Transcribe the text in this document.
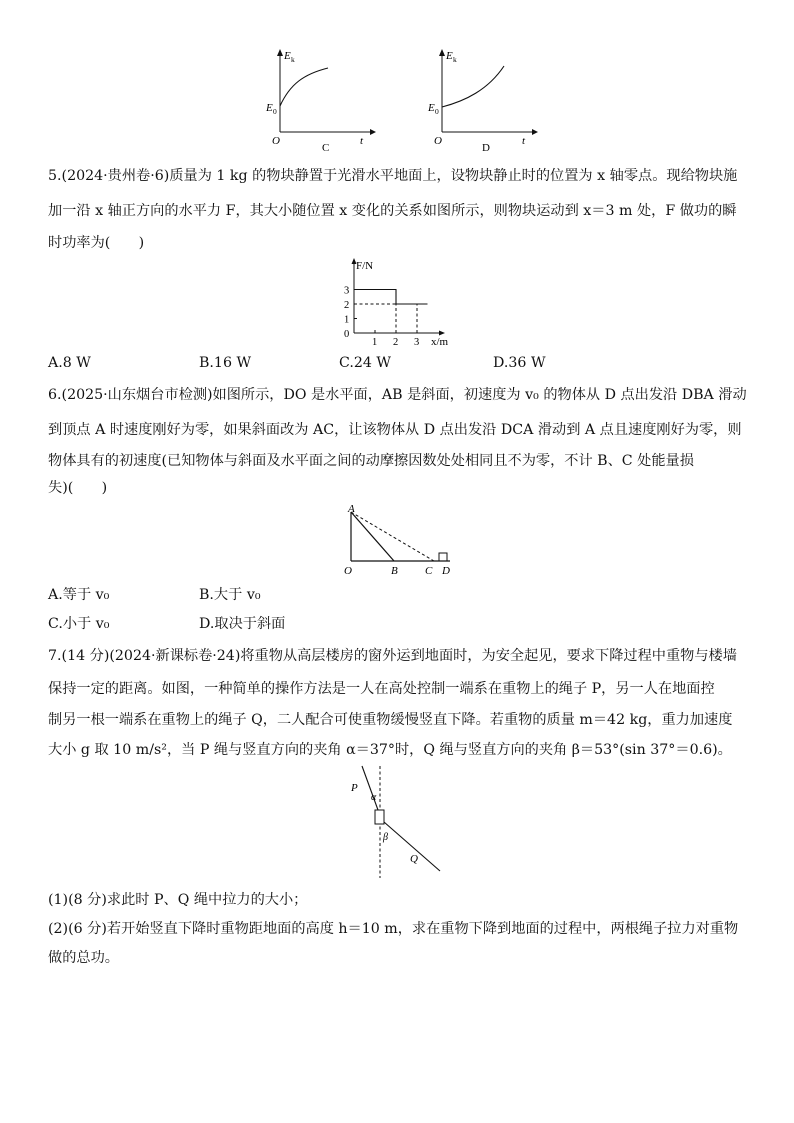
E k
E 0
O	t
C
E k
E 0
O	t
D
5.(2024·贵州卷·6)质量为 1 kg 的物块静置于光滑水平地面上，设物块静止时的位置为 x 轴零点。现给物块施
加一沿 x 轴正方向的水平力 F，其大小随位置 x 变化的关系如图所示，则物块运动到 x＝3 m 处，F 做功的瞬
时功率为(　　)
1 2 3
0
1
2
3
F/N
x/m
A.8 W	B.16 W	C.24 W	D.36 W
6.(2025·山东烟台市检测)如图所示，DO 是水平面，AB 是斜面，初速度为 v₀ 的物体从 D 点出发沿 DBA 滑动
到顶点 A 时速度刚好为零，如果斜面改为 AC，让该物体从 D 点出发沿 DCA 滑动到 A 点且速度刚好为零，则
物体具有的初速度(已知物体与斜面及水平面之间的动摩擦因数处处相同且不为零，不计 B、C 处能量损
失)(　　)
A
O	B C D
A.等于 v₀	B.大于 v₀
C.小于 v₀	D.取决于斜面
7.(14 分)(2024·新课标卷·24)将重物从高层楼房的窗外运到地面时，为安全起见，要求下降过程中重物与楼墙
保持一定的距离。如图，一种简单的操作方法是一人在高处控制一端系在重物上的绳子 P，另一人在地面控
制另一根一端系在重物上的绳子 Q，二人配合可使重物缓慢竖直下降。若重物的质量 m＝42 kg，重力加速度
大小 g 取 10 m/s²，当 P 绳与竖直方向的夹角 α＝37°时，Q 绳与竖直方向的夹角 β＝53°(sin 37°＝0.6)。
P
α
β
Q
(1)(8 分)求此时 P、Q 绳中拉力的大小；
(2)(6 分)若开始竖直下降时重物距地面的高度 h＝10 m，求在重物下降到地面的过程中，两根绳子拉力对重物
做的总功。
